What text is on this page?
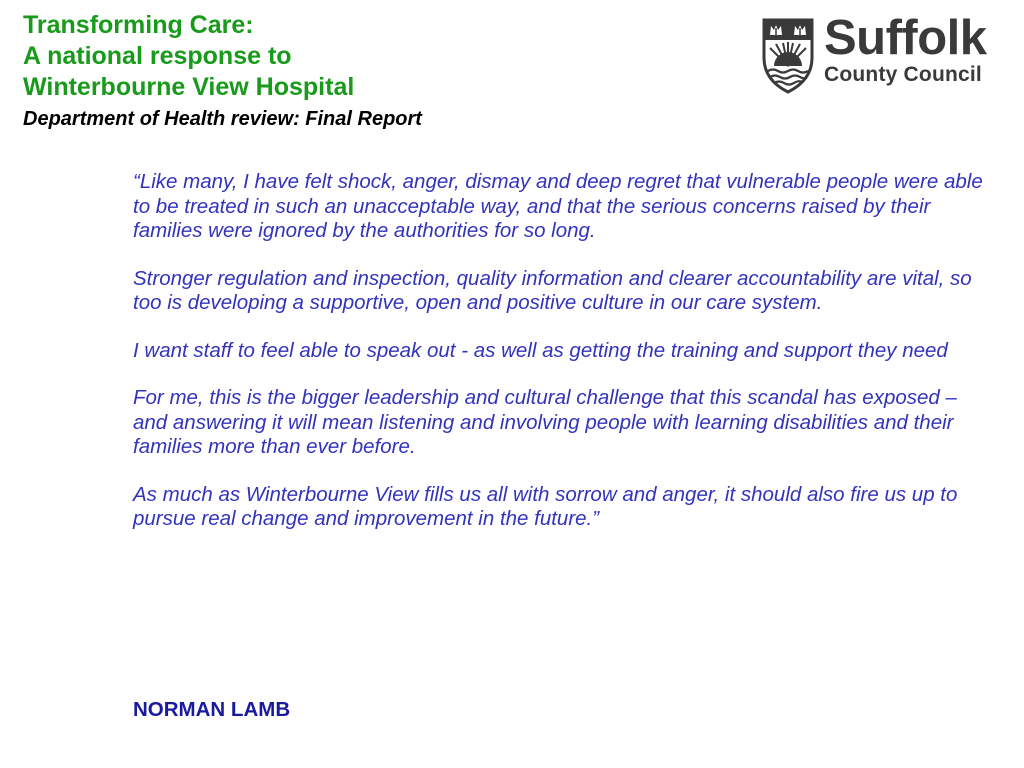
Transforming Care:
A national response to
Winterbourne View Hospital
Department of Health review: Final Report
Suffolk
County Council

“Like many, I have felt shock, anger, dismay and deep regret that vulnerable people were able to be treated in such an unacceptable way, and that the serious concerns raised by their families were ignored by the authorities for so long.

Stronger regulation and inspection, quality information and clearer accountability are vital, so too is developing a supportive, open and positive culture in our care system.

I want staff to feel able to speak out - as well as getting the training and support they need

For me, this is the bigger leadership and cultural challenge that this scandal has exposed – and answering it will mean listening and involving people with learning disabilities and their families more than ever before.

As much as Winterbourne View fills us all with sorrow and anger, it should also fire us up to pursue real change and improvement in the future.”

NORMAN LAMB
